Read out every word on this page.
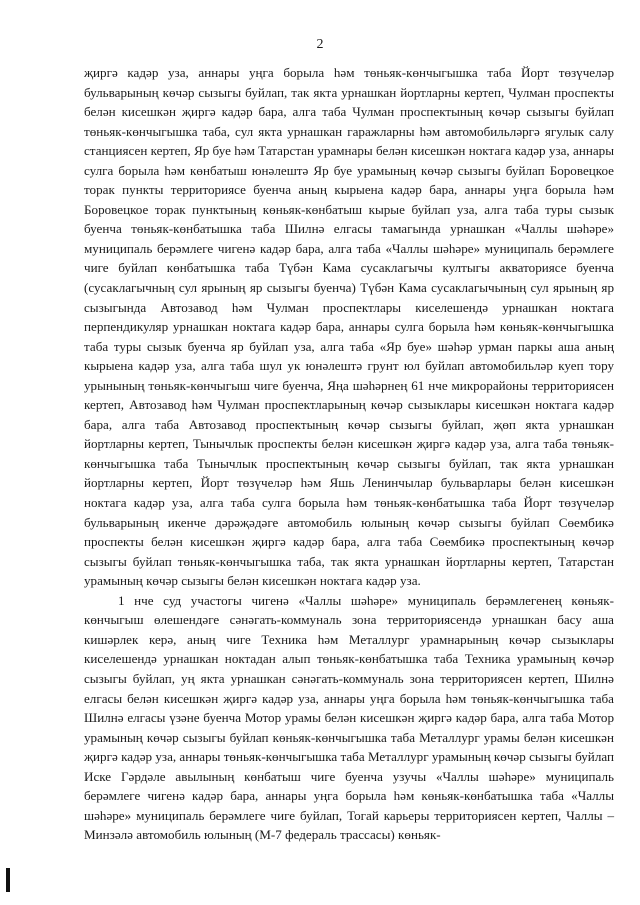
2

җиргә кадәр уза, аннары уңга борыла һәм төньяк-көнчыгышка таба Йорт төзүчеләр бульварының көчәр сызыгы буйлап, так якта урнашкан йортларны кертеп, Чулман проспекты белән кисешкән җиргә кадәр бара, алга таба Чулман проспектының көчәр сызыгы буйлап төньяк-көнчыгышка таба, сул якта урнашкан гаражларны һәм автомобильләргә ягулык салу станциясен кертеп, Яр буе һәм Татарстан урамнары белән кисешкән ноктага кадәр уза, аннары сулга борыла һәм көнбатыш юнәлештә Яр буе урамының көчәр сызыгы буйлап Боровецкое торак пункты территориясе буенча аның кырыена кадәр бара, аннары уңга борыла һәм Боровецкое торак пунктының көньяк-көнбатыш кырые буйлап уза, алга таба туры сызык буенча төньяк-көнбатышка таба Шилнә елгасы тамагында урнашкан «Чаллы шәһәре» муниципаль берәмлеге чигенә кадәр бара, алга таба «Чаллы шәһәре» муниципаль берәмлеге чиге буйлап көнбатышка таба Түбән Кама сусаклагычы култыгы акваториясе буенча (сусаклагычның сул ярының яр сызыгы буенча) Түбән Кама сусаклагычының сул ярының яр сызыгында Автозавод һәм Чулман проспектлары киселешендә урнашкан ноктага перпендикуляр урнашкан ноктага кадәр бара, аннары сулга борыла һәм көньяк-көнчыгышка таба туры сызык буенча яр буйлап уза, алга таба «Яр буе» шәһәр урман паркы аша аның кырыена кадәр уза, алга таба шул ук юнәлештә грунт юл буйлап автомобильләр куеп тору урынының төньяк-көнчыгыш чиге буенча, Яңа шәһәрнең 61 нче микрорайоны территориясен кертеп, Автозавод һәм Чулман проспектларының көчәр сызыклары кисешкән ноктага кадәр бара, алга таба Автозавод проспектының көчәр сызыгы буйлап, җөп якта урнашкан йортларны кертеп, Тынычлык проспекты белән кисешкән җиргә кадәр уза, алга таба төньяк-көнчыгышка таба Тынычлык проспектының көчәр сызыгы буйлап, так якта урнашкан йортларны кертеп, Йорт төзүчеләр һәм Яшь Ленинчылар бульварлары белән кисешкән ноктага кадәр уза, алга таба сулга борыла һәм төньяк-көнбатышка таба Йорт төзүчеләр бульварының икенче дәрәҗәдәге автомобиль юлының көчәр сызыгы буйлап Сөембикә проспекты белән кисешкән җиргә кадәр бара, алга таба Сөембикә проспектының көчәр сызыгы буйлап төньяк-көнчыгышка таба, так якта урнашкан йортларны кертеп, Татарстан урамының көчәр сызыгы белән кисешкән ноктага кадәр уза.

1 нче суд участогы чигенә «Чаллы шәһәре» муниципаль берәмлегенең көньяк-көнчыгыш өлешендәге сәнәгать-коммуналь зона территориясендә урнашкан басу аша кишәрлек керә, аның чиге Техника һәм Металлург урамнарының көчәр сызыклары киселешендә урнашкан ноктадан алып төньяк-көнбатышка таба Техника урамының көчәр сызыгы буйлап, уң якта урнашкан сәнәгать-коммуналь зона территориясен кертеп, Шилнә елгасы белән кисешкән җиргә кадәр уза, аннары уңга борыла һәм төньяк-көнчыгышка таба Шилнә елгасы үзәне буенча Мотор урамы белән кисешкән җиргә кадәр бара, алга таба Мотор урамының көчәр сызыгы буйлап көньяк-көнчыгышка таба Металлург урамы белән кисешкән җиргә кадәр уза, аннары төньяк-көнчыгышка таба Металлург урамының көчәр сызыгы буйлап Иске Гәрдәле авылының көнбатыш чиге буенча узучы «Чаллы шәһәре» муниципаль берәмлеге чигенә кадәр бара, аннары уңга борыла һәм көньяк-көнбатышка таба «Чаллы шәһәре» муниципаль берәмлеге чиге буйлап, Тогай карьеры территориясен кертеп, Чаллы – Минзәлә автомобиль юлының (М-7 федераль трассасы) көньяк-
